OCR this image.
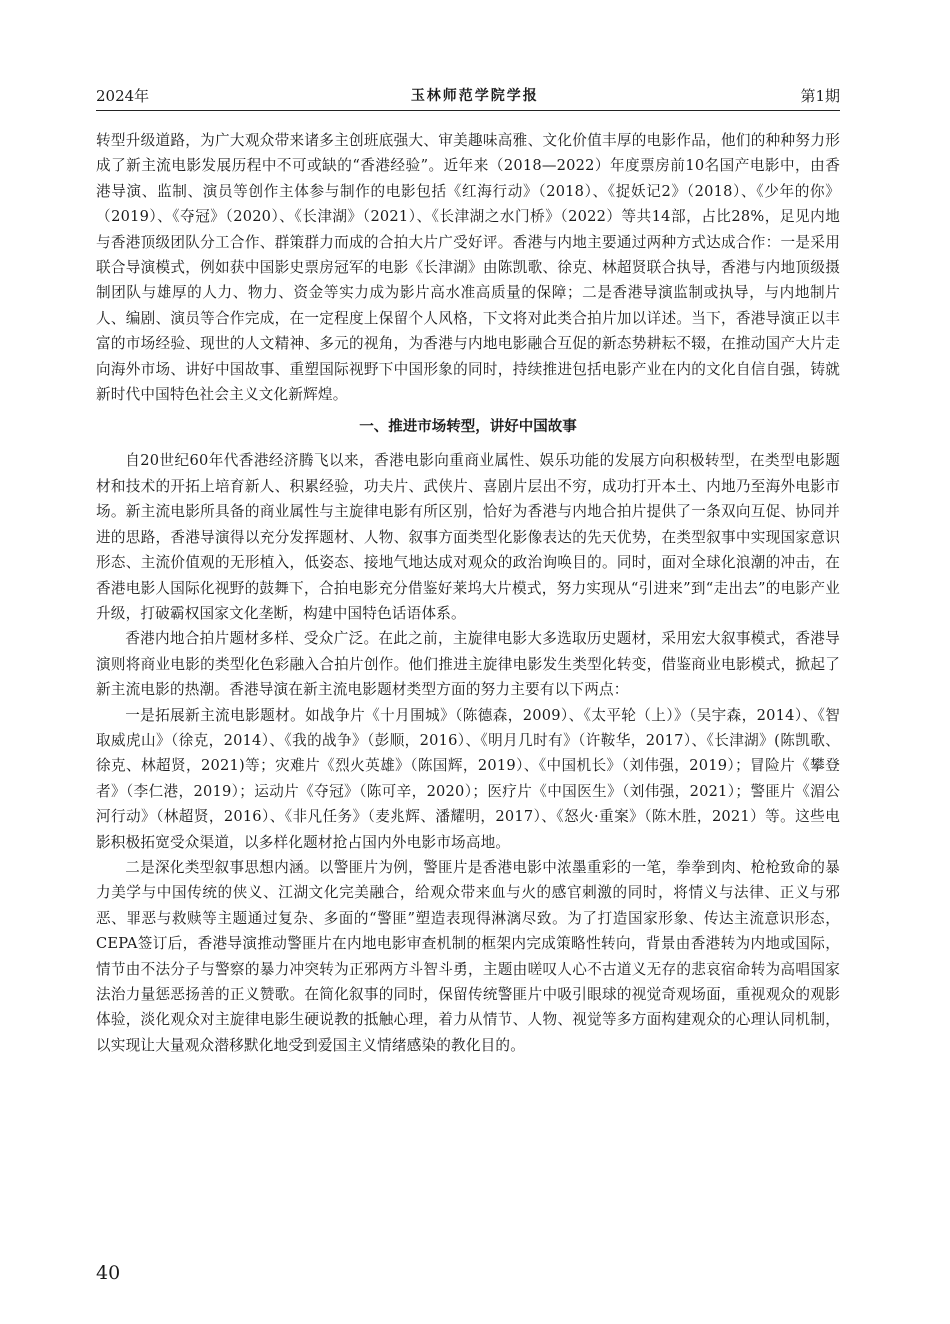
2024年	玉林师范学院学报	第1期

转型升级道路，为广大观众带来诸多主创班底强大、审美趣味高雅、文化价值丰厚的电影作品，他们的种种努力形成了新主流电影发展历程中不可或缺的“香港经验”。近年来（2018—2022）年度票房前10名国产电影中，由香港导演、监制、演员等创作主体参与制作的电影包括《红海行动》（2018）、《捉妖记2》（2018）、《少年的你》（2019）、《夺冠》（2020）、《长津湖》（2021）、《长津湖之水门桥》（2022）等共14部，占比28%，足见内地与香港顶级团队分工合作、群策群力而成的合拍大片广受好评。香港与内地主要通过两种方式达成合作：一是采用联合导演模式，例如获中国影史票房冠军的电影《长津湖》由陈凯歌、徐克、林超贤联合执导，香港与内地顶级摄制团队与雄厚的人力、物力、资金等实力成为影片高水准高质量的保障；二是香港导演监制或执导，与内地制片人、编剧、演员等合作完成，在一定程度上保留个人风格，下文将对此类合拍片加以详述。当下，香港导演正以丰富的市场经验、现世的人文精神、多元的视角，为香港与内地电影融合互促的新态势耕耘不辍，在推动国产大片走向海外市场、讲好中国故事、重塑国际视野下中国形象的同时，持续推进包括电影产业在内的文化自信自强，铸就新时代中国特色社会主义文化新辉煌。

一、推进市场转型，讲好中国故事

自20世纪60年代香港经济腾飞以来，香港电影向重商业属性、娱乐功能的发展方向积极转型，在类型电影题材和技术的开拓上培育新人、积累经验，功夫片、武侠片、喜剧片层出不穷，成功打开本土、内地乃至海外电影市场。新主流电影所具备的商业属性与主旋律电影有所区别，恰好为香港与内地合拍片提供了一条双向互促、协同并进的思路，香港导演得以充分发挥题材、人物、叙事方面类型化影像表达的先天优势，在类型叙事中实现国家意识形态、主流价值观的无形植入，低姿态、接地气地达成对观众的政治询唤目的。同时，面对全球化浪潮的冲击，在香港电影人国际化视野的鼓舞下，合拍电影充分借鉴好莱坞大片模式，努力实现从“引进来”到“走出去”的电影产业升级，打破霸权国家文化垄断，构建中国特色话语体系。

香港内地合拍片题材多样、受众广泛。在此之前，主旋律电影大多选取历史题材，采用宏大叙事模式，香港导演则将商业电影的类型化色彩融入合拍片创作。他们推进主旋律电影发生类型化转变，借鉴商业电影模式，掀起了新主流电影的热潮。香港导演在新主流电影题材类型方面的努力主要有以下两点：

一是拓展新主流电影题材。如战争片《十月围城》（陈德森，2009）、《太平轮（上）》（吴宇森，2014）、《智取威虎山》（徐克，2014）、《我的战争》（彭顺，2016）、《明月几时有》（许鞍华，2017）、《长津湖》(陈凯歌、徐克、林超贤，2021)等；灾难片《烈火英雄》（陈国辉，2019）、《中国机长》（刘伟强，2019）；冒险片《攀登者》（李仁港，2019）；运动片《夺冠》（陈可辛，2020）；医疗片《中国医生》（刘伟强，2021）；警匪片《湄公河行动》（林超贤，2016）、《非凡任务》（麦兆辉、潘耀明，2017）、《怒火·重案》（陈木胜，2021）等。这些电影积极拓宽受众渠道，以多样化题材抢占国内外电影市场高地。

二是深化类型叙事思想内涵。以警匪片为例，警匪片是香港电影中浓墨重彩的一笔，拳拳到肉、枪枪致命的暴力美学与中国传统的侠义、江湖文化完美融合，给观众带来血与火的感官刺激的同时，将情义与法律、正义与邪恶、罪恶与救赎等主题通过复杂、多面的“警匪”塑造表现得淋漓尽致。为了打造国家形象、传达主流意识形态，CEPA签订后，香港导演推动警匪片在内地电影审查机制的框架内完成策略性转向，背景由香港转为内地或国际，情节由不法分子与警察的暴力冲突转为正邪两方斗智斗勇，主题由嗟叹人心不古道义无存的悲哀宿命转为高唱国家法治力量惩恶扬善的正义赞歌。在简化叙事的同时，保留传统警匪片中吸引眼球的视觉奇观场面，重视观众的观影体验，淡化观众对主旋律电影生硬说教的抵触心理，着力从情节、人物、视觉等多方面构建观众的心理认同机制，以实现让大量观众潜移默化地受到爱国主义情绪感染的教化目的。

40
